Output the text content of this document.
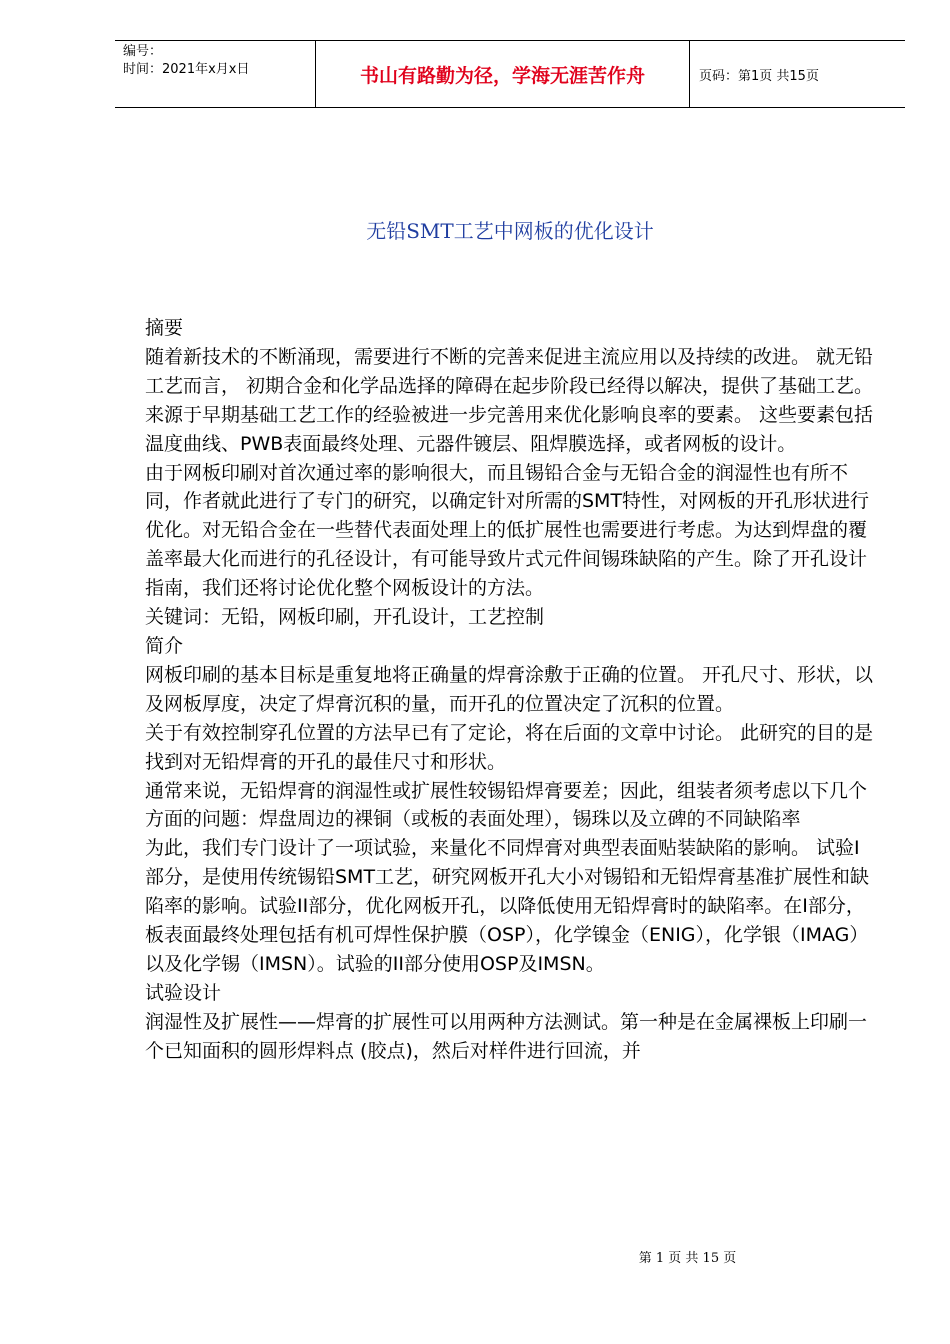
编号：
时间：2021年x月x日	书山有路勤为径，学海无涯苦作舟	页码：第1页 共15页
无铅SMT工艺中网板的优化设计

摘要

随着新技术的不断涌现，需要进行不断的完善来促进主流应用以及持续的改进。 就无铅工艺而言， 初期合金和化学品选择的障碍在起步阶段已经得以解决，提供了基础工艺。 来源于早期基础工艺工作的经验被进一步完善用来优化影响良率的要素。 这些要素包括温度曲线、PWB表面最终处理、元器件镀层、阻焊膜选择，或者网板的设计。

由于网板印刷对首次通过率的影响很大，而且锡铅合金与无铅合金的润湿性也有所不同，作者就此进行了专门的研究，以确定针对所需的SMT特性，对网板的开孔形状进行优化。对无铅合金在一些替代表面处理上的低扩展性也需要进行考虑。为达到焊盘的覆盖率最大化而进行的孔径设计，有可能导致片式元件间锡珠缺陷的产生。除了开孔设计指南，我们还将讨论优化整个网板设计的方法。

关键词：无铅，网板印刷，开孔设计，工艺控制

简介

网板印刷的基本目标是重复地将正确量的焊膏涂敷于正确的位置。 开孔尺寸、形状，以及网板厚度，决定了焊膏沉积的量，而开孔的位置决定了沉积的位置。

关于有效控制穿孔位置的方法早已有了定论，将在后面的文章中讨论。 此研究的目的是找到对无铅焊膏的开孔的最佳尺寸和形状。

通常来说，无铅焊膏的润湿性或扩展性较锡铅焊膏要差；因此，组装者须考虑以下几个方面的问题：焊盘周边的裸铜（或板的表面处理），锡珠以及立碑的不同缺陷率

为此，我们专门设计了一项试验，来量化不同焊膏对典型表面贴装缺陷的影响。 试验I部分，是使用传统锡铅SMT工艺，研究网板开孔大小对锡铅和无铅焊膏基准扩展性和缺陷率的影响。试验II部分，优化网板开孔，以降低使用无铅焊膏时的缺陷率。在I部分，板表面最终处理包括有机可焊性保护膜（OSP），化学镍金（ENIG），化学银（IMAG）以及化学锡（IMSN）。试验的II部分使用OSP及IMSN。

试验设计

润湿性及扩展性——焊膏的扩展性可以用两种方法测试。第一种是在金属裸板上印刷一个已知面积的圆形焊料点 (胶点)，然后对样件进行回流，并

第 1 页 共 15 页
